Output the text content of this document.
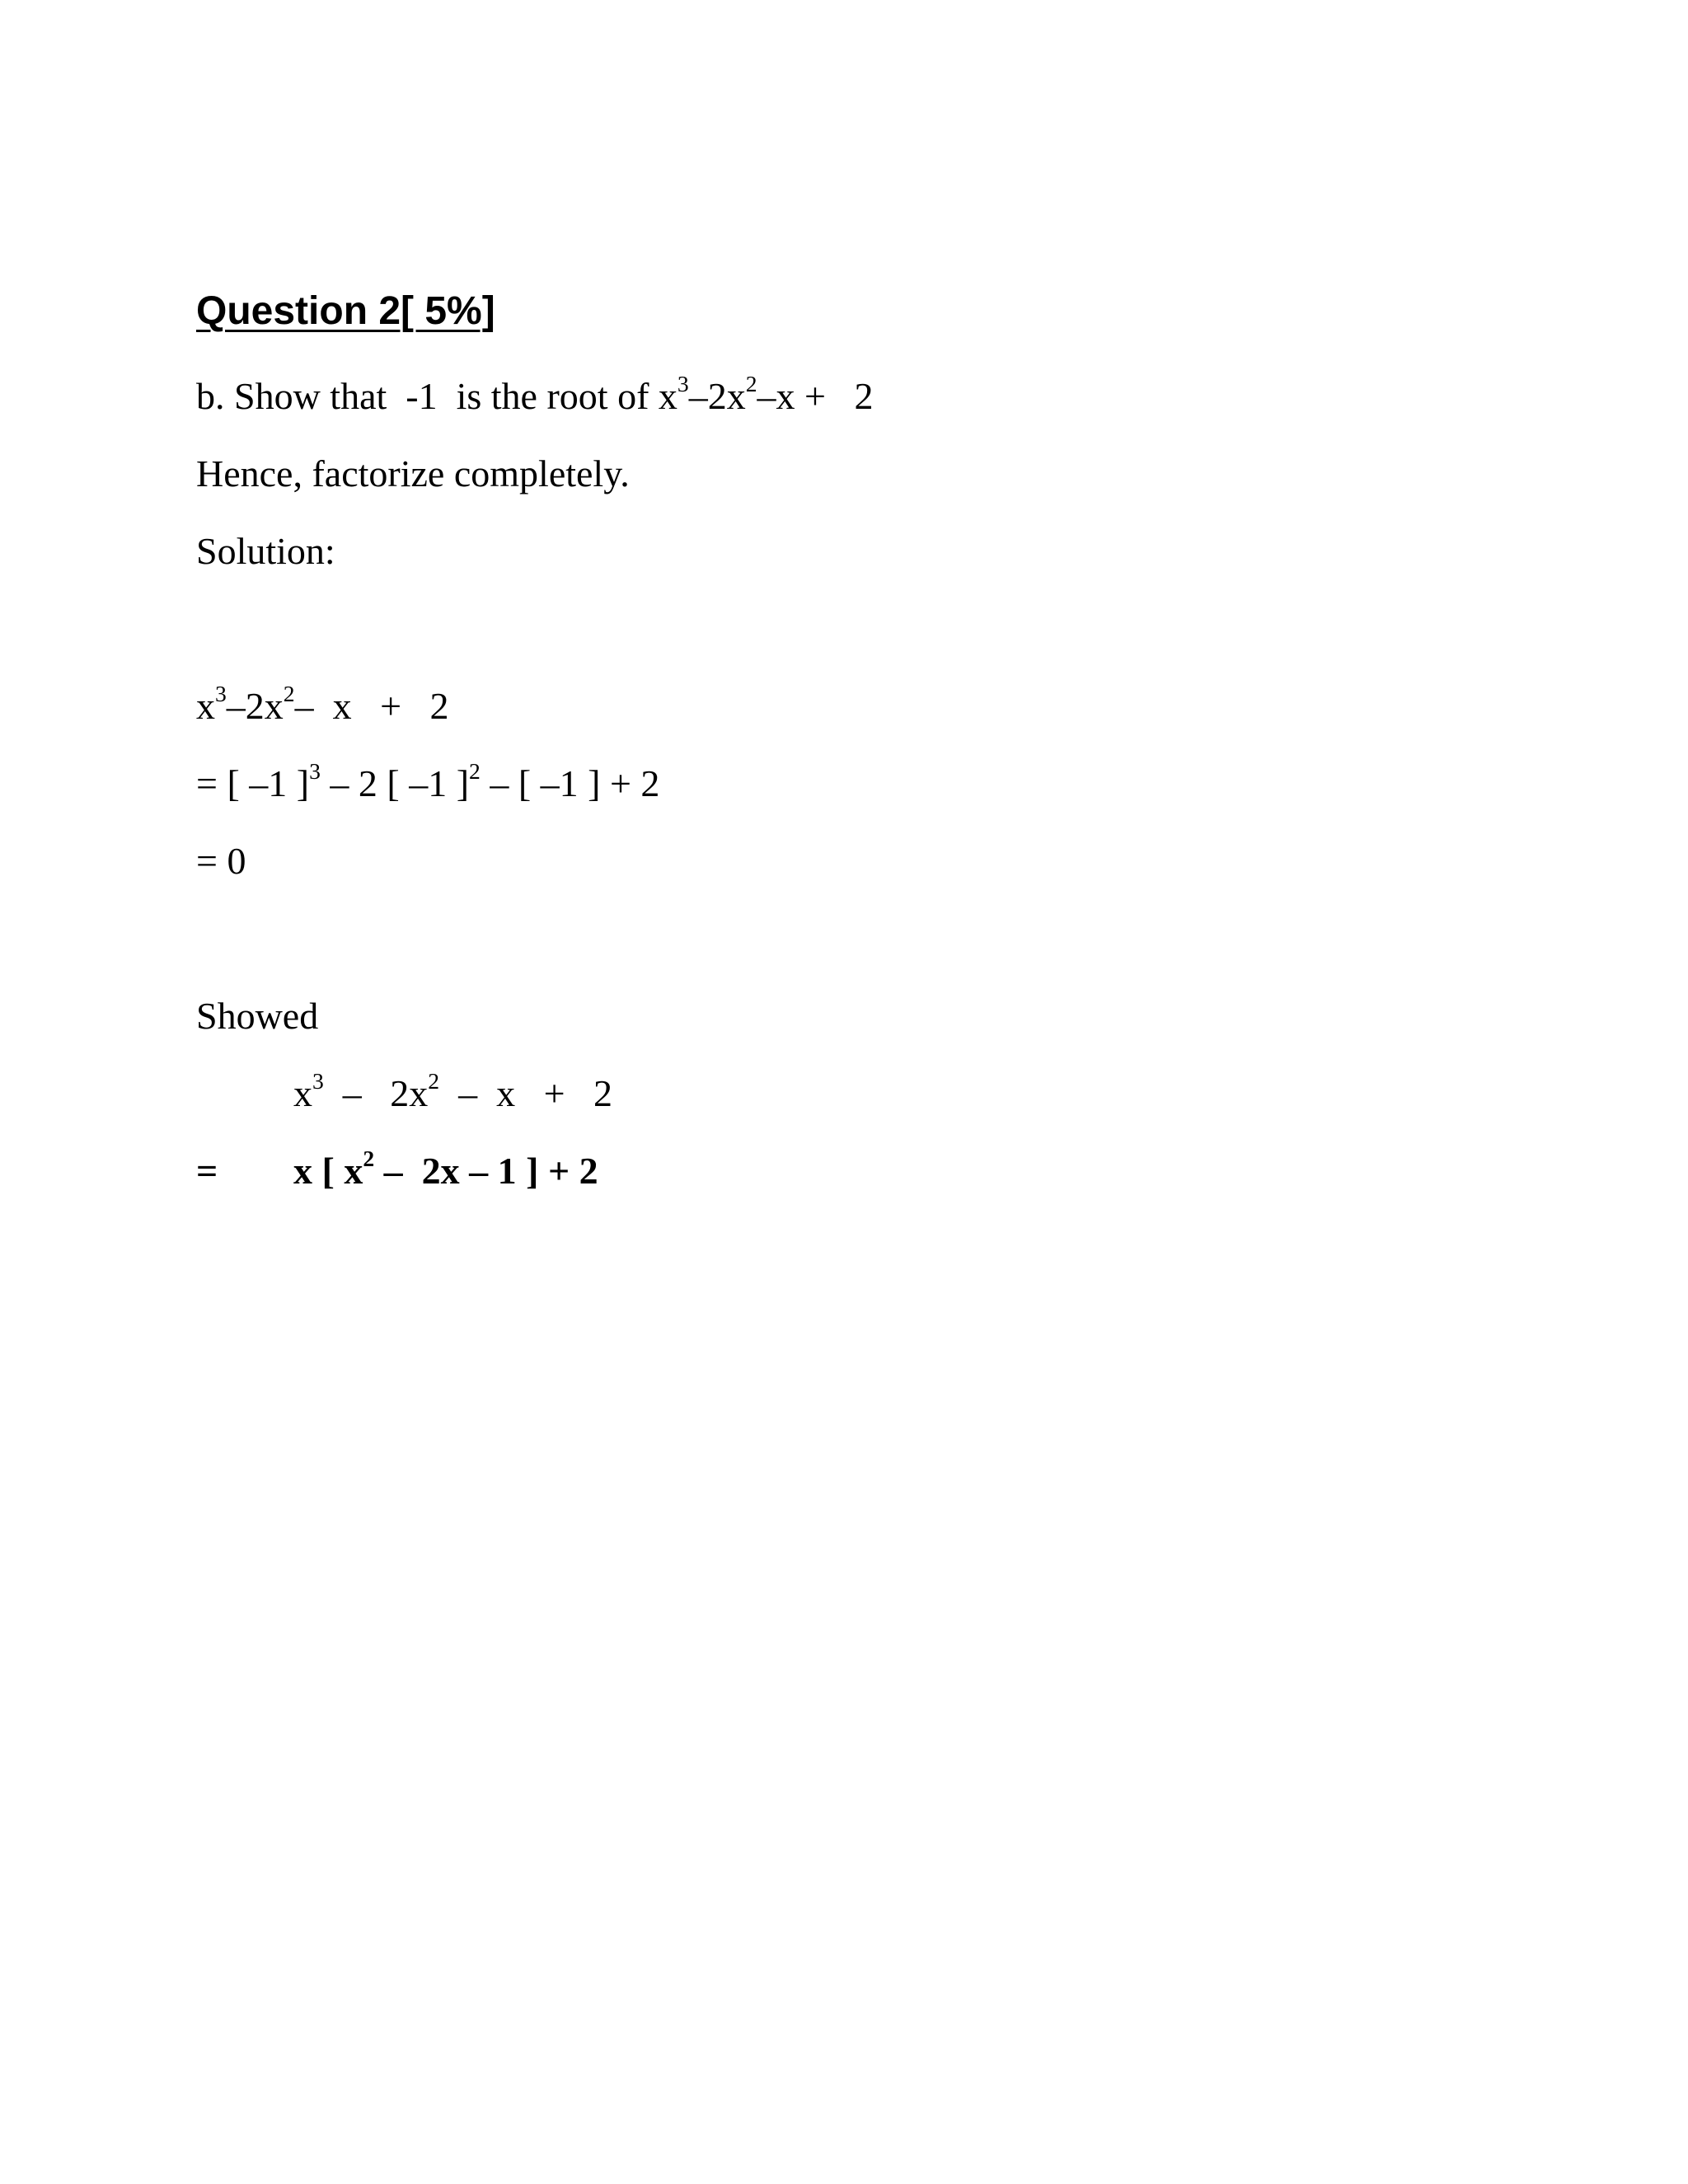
Question 2[ 5%]
b. Show that  -1  is the root of $x^3-2x^2-x + 2$
Hence, factorize completely.
Solution:
$x^3-2x^2-$  x   +   2
= [ –1 ]$^3$ – 2 [ –1 ]$^2$ – [ –1 ] + 2
= 0
Showed
$x^3 - 2x^2 - x + 2$
= x [ $x^2 - 2x - 1$ ] + 2
